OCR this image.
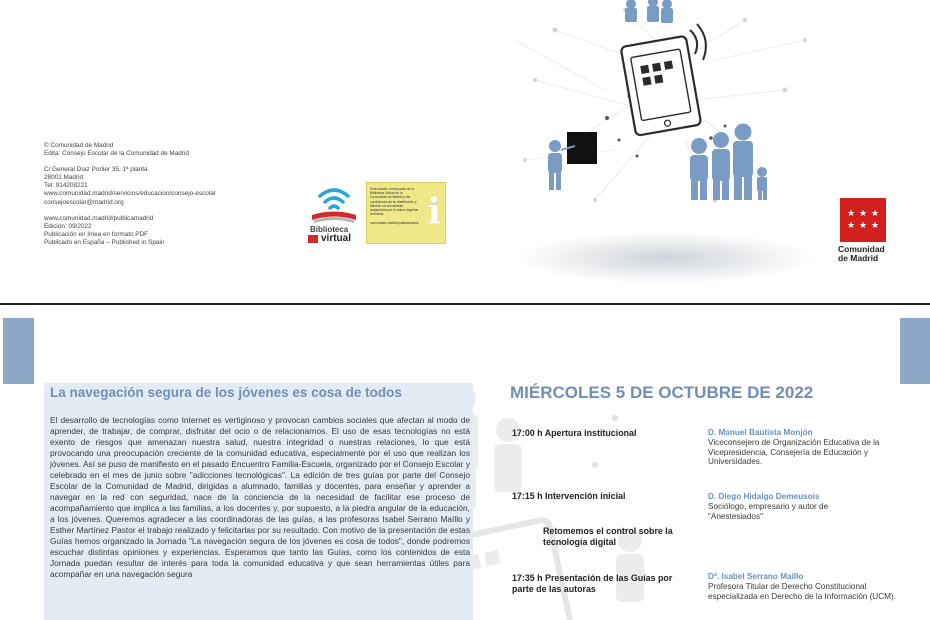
© Comunidad de Madrid
Edita: Consejo Escolar de la Comunidad de Madrid
C/ General Díaz Porlier 35, 1ª planta
28001 Madrid
Tel: 914208221
www.comunidad.madrid/servicios/educacion/consejo-escolar
consejoescolar@madrid.org
www.comunidad.madrid/publicamadrid
Edición: 09/2022
Publicación en línea en formato PDF
Publicado en España – Published in Spain
Biblioteca
virtual
Esta versión forma parte de la Biblioteca Virtual de la Comunidad de Madrid y las condiciones de su distribución y difusión se encuentran amparadas por el marco legal de la misma.

comunidad.madrid/publicamadrid i	★ ★ ★
★ ★ ★
Comunidad
de Madrid
La navegación segura de los jóvenes es cosa de todos
El desarrollo de tecnologías como Internet es vertiginoso y provocan cambios sociales que afectan al modo de aprender, de trabajar, de comprar, disfrutar del ocio o de relacionarnos. El uso de esas tecnologías no está exento de riesgos que amenazan nuestra salud, nuestra integridad o nuestras relaciones, lo que está provocando una preocupación creciente de la comunidad educativa, especialmente por el uso que realizan los jóvenes. Así se puso de manifiesto en el pasado Encuentro Familia-Escuela, organizado por el Consejo Escolar y celebrado en el mes de junio sobre "adicciones tecnológicas". La edición de tres guías por parte del Consejo Escolar de la Comunidad de Madrid, dirigidas a alumnado, familias y docentes, para enseñar y aprender a navegar en la red con seguridad, nace de la conciencia de la necesidad de facilitar ese proceso de acompañamiento que implica a las familias, a los docentes y, por supuesto, a la piedra angular de la educación, a los jóvenes. Queremos agradecer a las coordinadoras de las guías, a las profesoras Isabel Serrano Maíllo y Esther Martínez Pastor el trabajo realizado y felicitarlas por su resultado. Con motivo de la presentación de estas Guías hemos organizado la Jornada "La navegación segura de los jóvenes es cosa de todos", donde podremos escuchar distintas opiniones y experiencias. Esperamos que tanto las Guías, como los contenidos de esta Jornada puedan resultar de interés para toda la comunidad educativa y que sean herramientas útiles para acompañar en una navegación segura
MIÉRCOLES 5 DE OCTUBRE DE 2022
17:00 h Apertura institucional	D. Manuel Bautista Monjón
Viceconsejero de Organización Educativa de la Vicepresidencia, Consejería de Educación y Universidades.
17:15 h Intervención inicial
Retomemos el control sobre la tecnología digital
D. Diego Hidalgo Demeusois
Sociólogo, empresario y autor de "Anestesiados"
17:35 h Presentación de las Guías por parte de las autoras
Dª. Isabel Serrano Maíllo
Profesora Titular de Derecho Constitucional especializada en Derecho de la Información (UCM).
